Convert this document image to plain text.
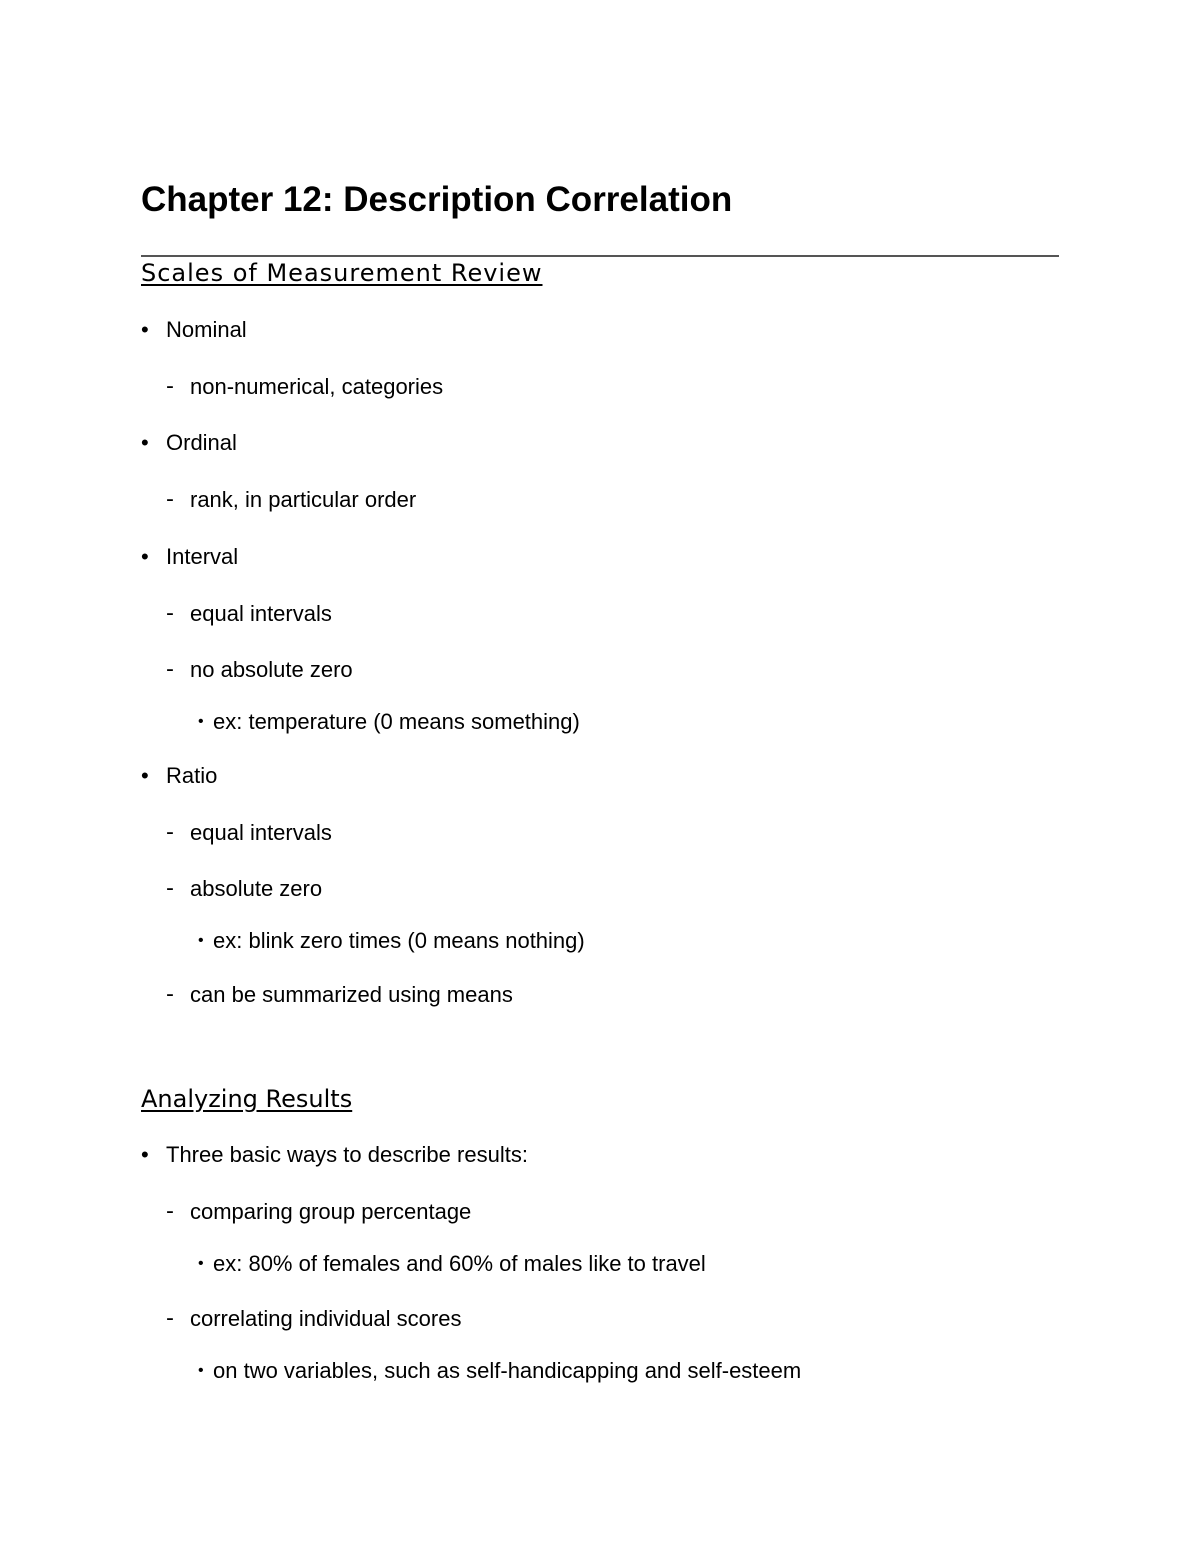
Chapter 12: Description Correlation
Scales of Measurement Review
• Nominal
- non-numerical, categories
• Ordinal
- rank, in particular order
• Interval
- equal intervals
- no absolute zero
• ex: temperature (0 means something)
• Ratio
- equal intervals
- absolute zero
• ex: blink zero times (0 means nothing)
- can be summarized using means
Analyzing Results
• Three basic ways to describe results:
- comparing group percentage
• ex: 80% of females and 60% of males like to travel
- correlating individual scores
• on two variables, such as self-handicapping and self-esteem
